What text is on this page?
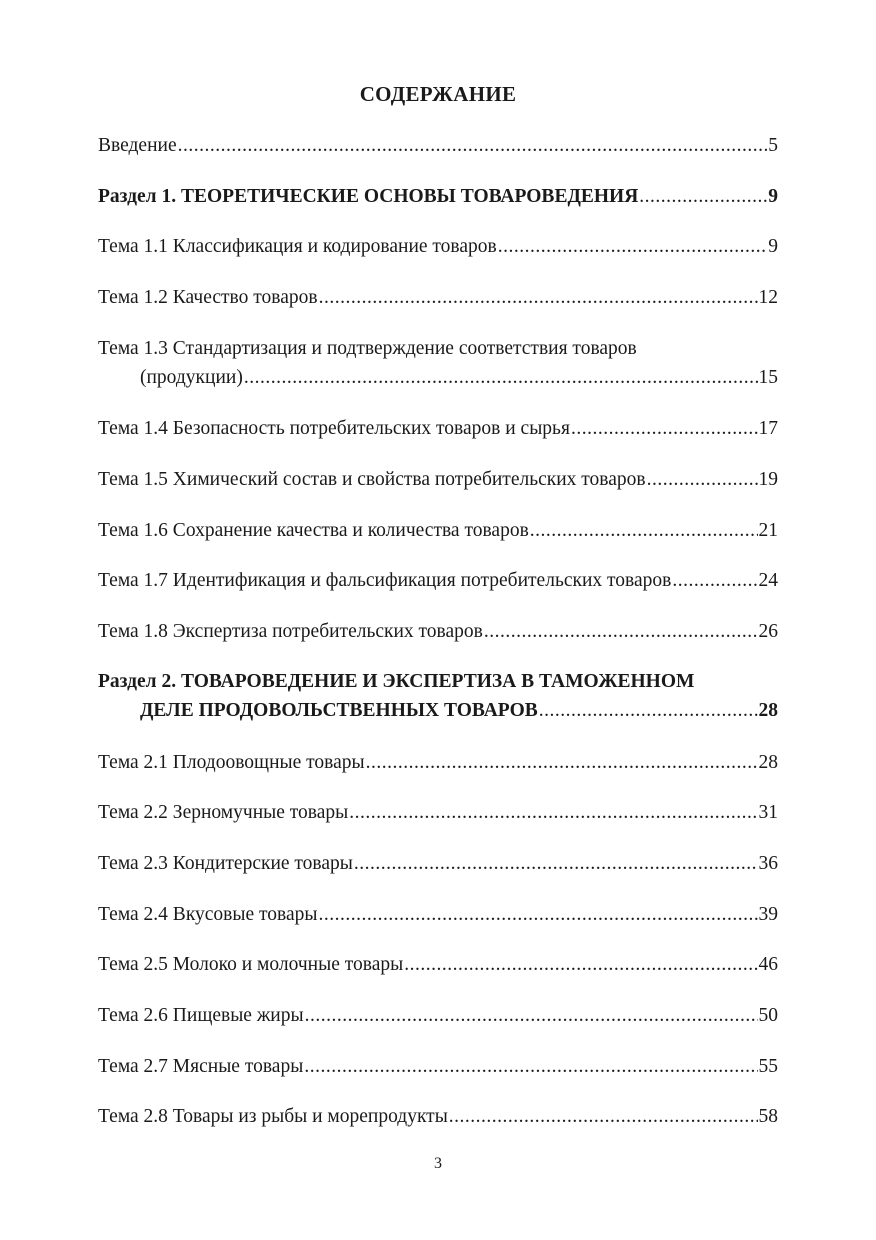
СОДЕРЖАНИЕ
Введение .....	5
Раздел 1. ТЕОРЕТИЧЕСКИЕ ОСНОВЫ ТОВАРОВЕДЕНИЯ .....	9
Тема 1.1 Классификация и кодирование товаров .....	9
Тема 1.2 Качество товаров .....	12
Тема 1.3 Стандартизация и подтверждение соответствия товаров
(продукции) .....	15
Тема 1.4 Безопасность потребительских товаров и сырья .....	17
Тема 1.5 Химический состав и свойства потребительских товаров .....	19
Тема 1.6 Сохранение качества и количества товаров .....	21
Тема 1.7 Идентификация и фальсификация потребительских товаров .....	24
Тема 1.8 Экспертиза потребительских товаров .....	26
Раздел 2. ТОВАРОВЕДЕНИЕ И ЭКСПЕРТИЗА В ТАМОЖЕННОМ
ДЕЛЕ ПРОДОВОЛЬСТВЕННЫХ ТОВАРОВ .....	28
Тема 2.1 Плодоовощные товары .....	28
Тема 2.2 Зерномучные товары .....	31
Тема 2.3 Кондитерские товары .....	36
Тема 2.4 Вкусовые товары .....	39
Тема 2.5 Молоко и молочные товары .....	46
Тема 2.6 Пищевые жиры .....	50
Тема 2.7 Мясные товары .....	55
Тема 2.8 Товары из рыбы и морепродукты .....	58
3
